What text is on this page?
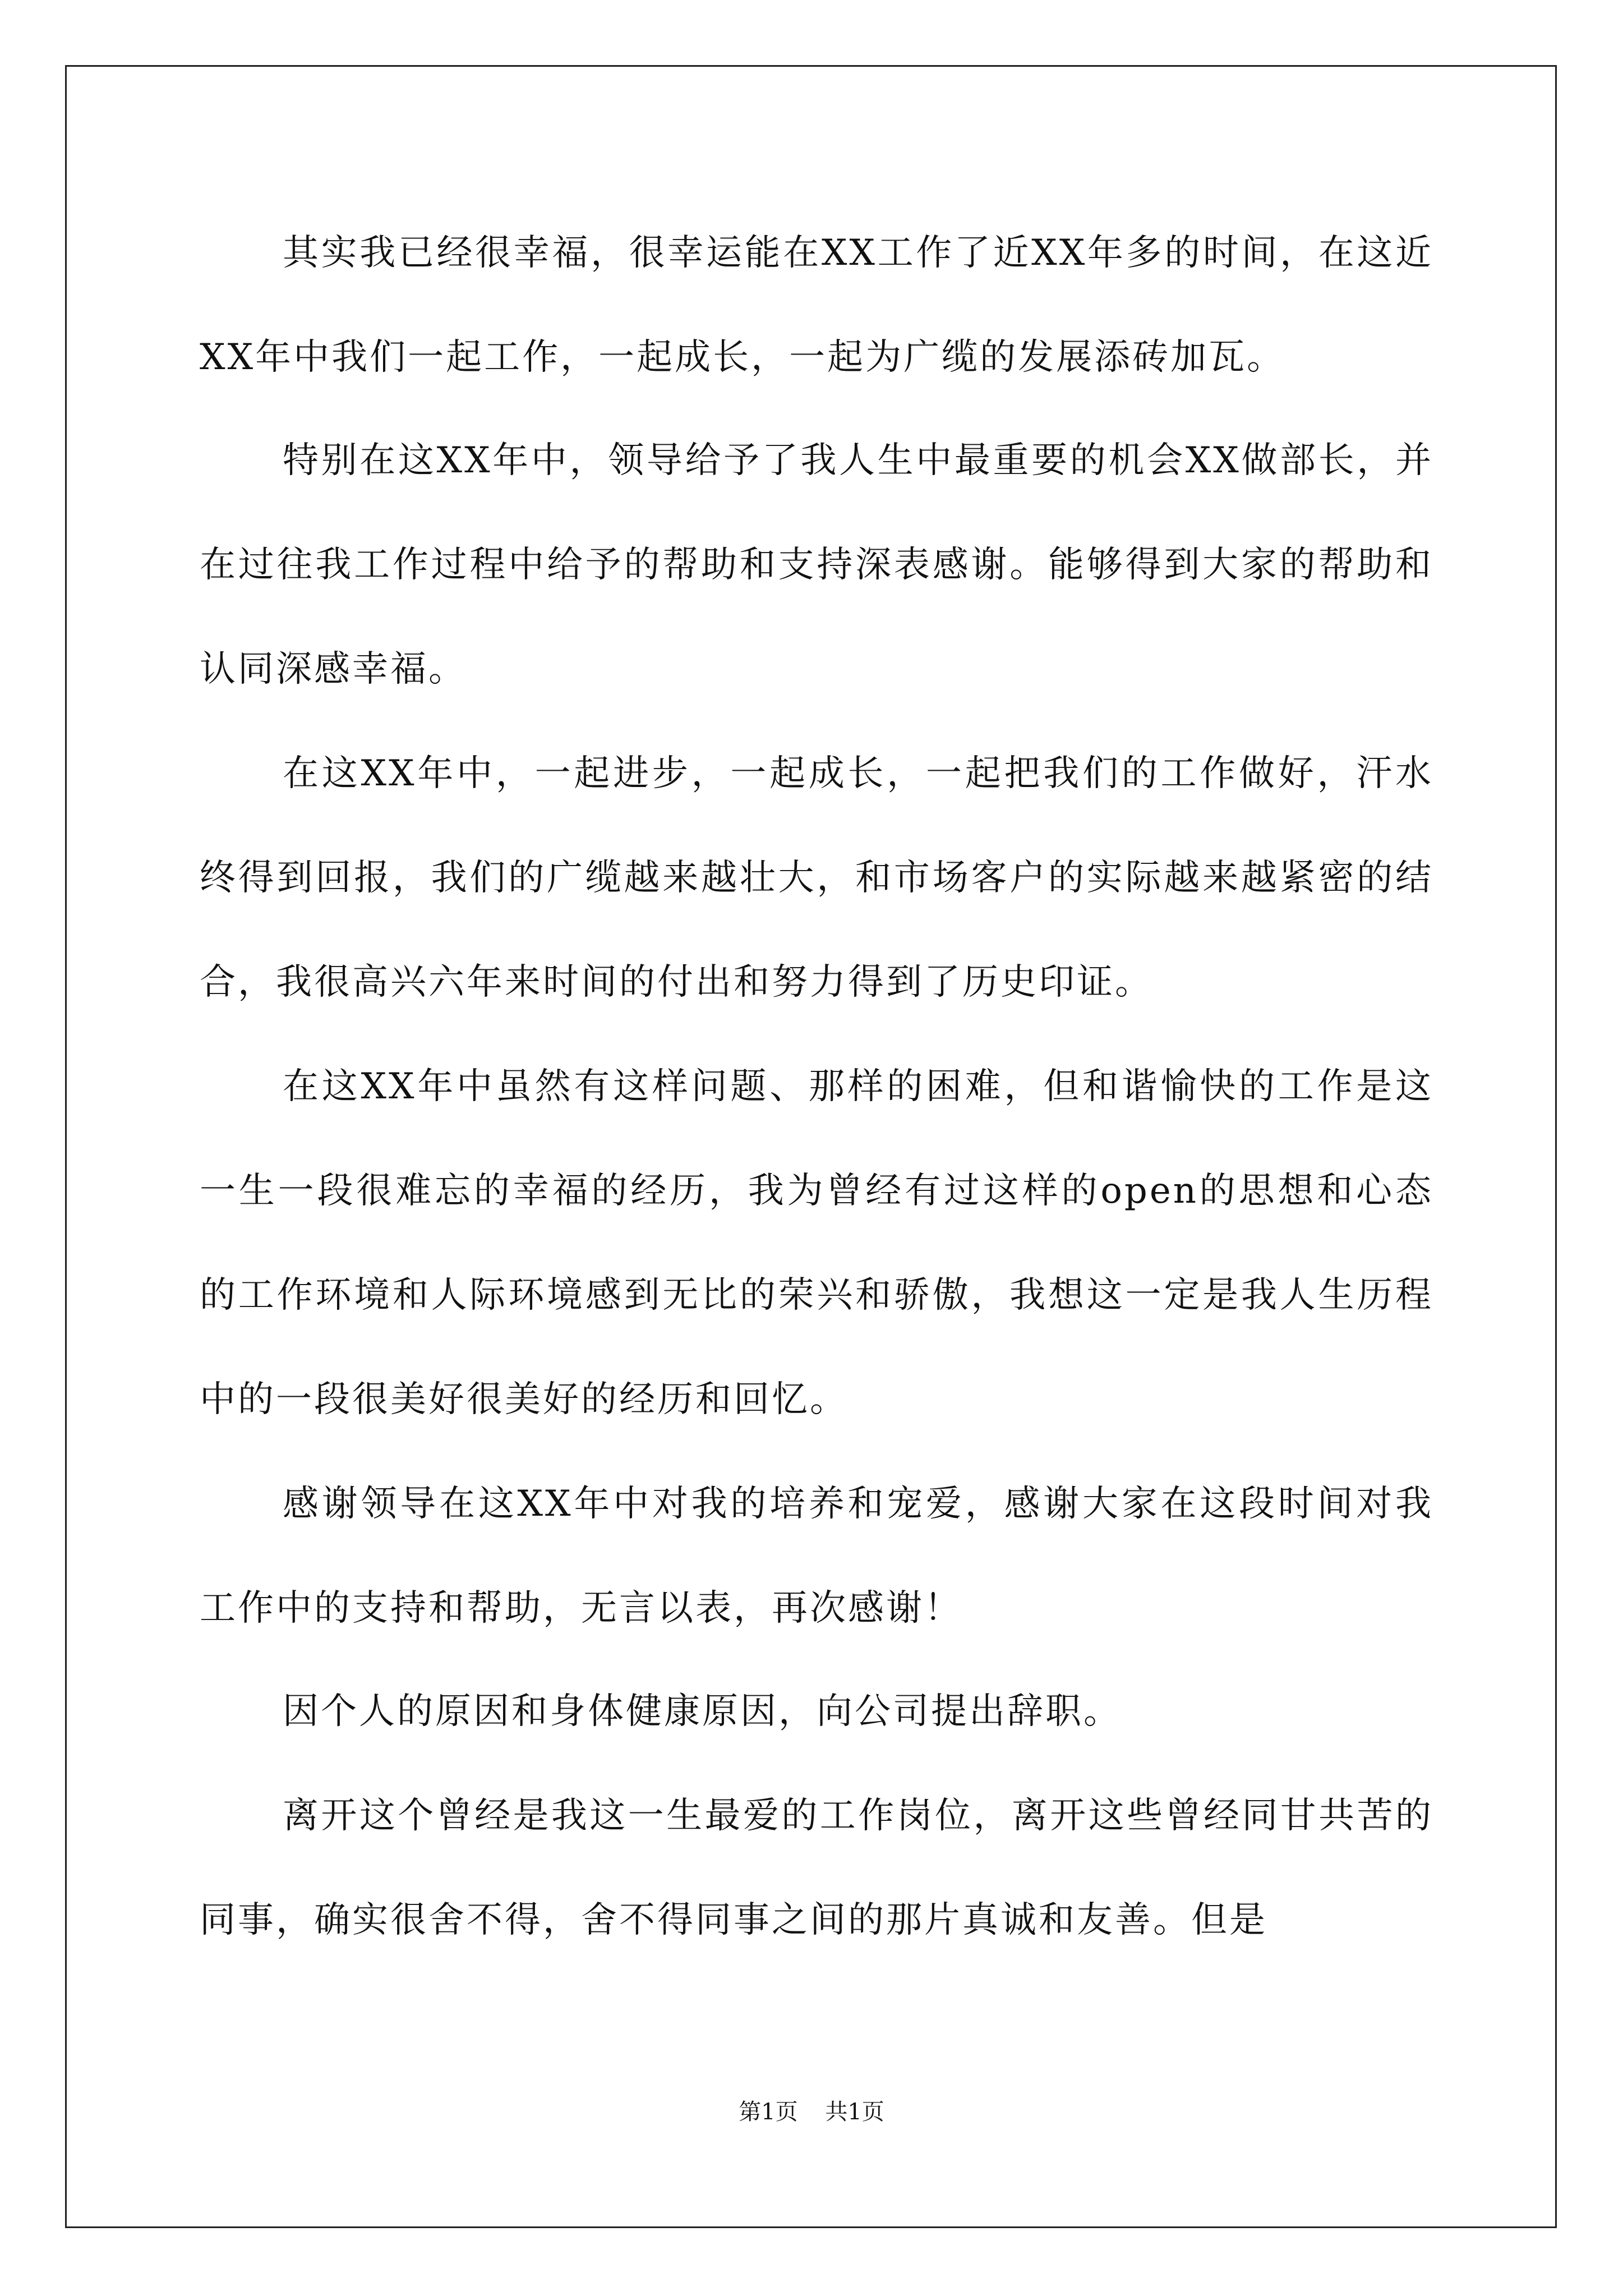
其实我已经很幸福，很幸运能在XX工作了近XX年多的时间，在这近XX年中我们一起工作，一起成长，一起为广缆的发展添砖加瓦。

特别在这XX年中，领导给予了我人生中最重要的机会XX做部长，并在过往我工作过程中给予的帮助和支持深表感谢。能够得到大家的帮助和认同深感幸福。

在这XX年中，一起进步，一起成长，一起把我们的工作做好，汗水终得到回报，我们的广缆越来越壮大，和市场客户的实际越来越紧密的结合，我很高兴六年来时间的付出和努力得到了历史印证。

在这XX年中虽然有这样问题、那样的困难，但和谐愉快的工作是这一生一段很难忘的幸福的经历，我为曾经有过这样的open的思想和心态的工作环境和人际环境感到无比的荣兴和骄傲，我想这一定是我人生历程中的一段很美好很美好的经历和回忆。

感谢领导在这XX年中对我的培养和宠爱，感谢大家在这段时间对我工作中的支持和帮助，无言以表，再次感谢！

因个人的原因和身体健康原因，向公司提出辞职。

离开这个曾经是我这一生最爱的工作岗位，离开这些曾经同甘共苦的同事，确实很舍不得，舍不得同事之间的那片真诚和友善。但是

第1页 共1页
